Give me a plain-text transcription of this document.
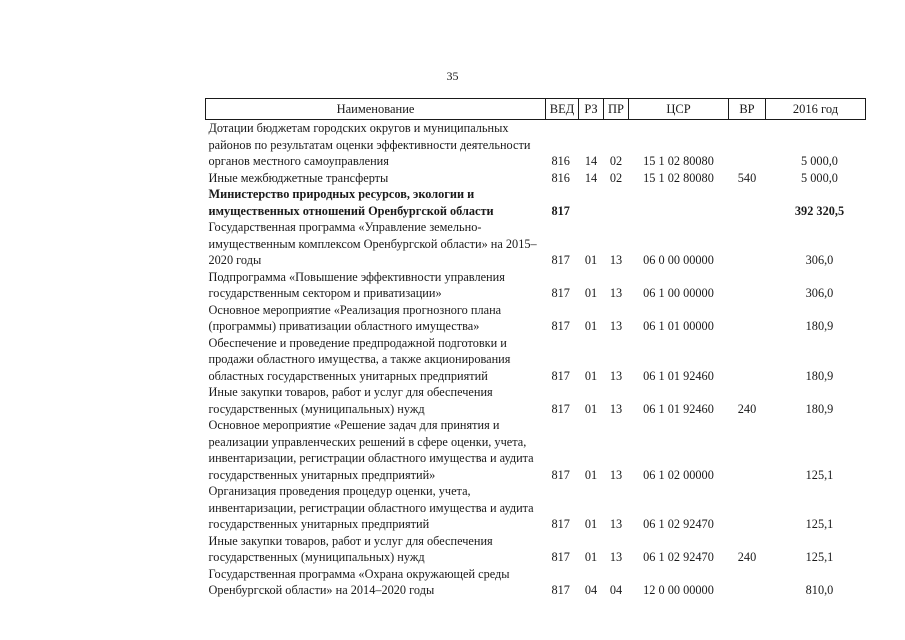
35
Наименование	ВЕД	РЗ	ПР	ЦСР	ВР	2016 год
Дотации бюджетам городских округов и муниципальных районов по результатам оценки эффективности деятельности органов местного самоуправления	816	14	02	15 1 02 80080		5 000,0
Иные межбюджетные трансферты	816	14	02	15 1 02 80080	540	5 000,0
Министерство природных ресурсов, экологии и имущественных отношений Оренбургской области	817					392 320,5
Государственная программа «Управление земельно-имущественным комплексом Оренбургской области» на 2015–2020 годы	817	01	13	06 0 00 00000		306,0
Подпрограмма «Повышение эффективности управления государственным сектором и приватизации»	817	01	13	06 1 00 00000		306,0
Основное мероприятие «Реализация прогнозного плана (программы) приватизации областного имущества»	817	01	13	06 1 01 00000		180,9
Обеспечение и проведение предпродажной подготовки и продажи областного имущества, а также акционирования областных государственных унитарных предприятий	817	01	13	06 1 01 92460		180,9
Иные закупки товаров, работ и услуг для обеспечения государственных (муниципальных) нужд	817	01	13	06 1 01 92460	240	180,9
Основное мероприятие «Решение задач для принятия и реализации управленческих решений в сфере оценки, учета, инвентаризации, регистрации областного имущества и аудита государственных унитарных предприятий»	817	01	13	06 1 02 00000		125,1
Организация проведения процедур оценки, учета, инвентаризации, регистрации областного имущества и аудита государственных унитарных предприятий	817	01	13	06 1 02 92470		125,1
Иные закупки товаров, работ и услуг для обеспечения государственных (муниципальных) нужд	817	01	13	06 1 02 92470	240	125,1
Государственная программа «Охрана окружающей среды Оренбургской области» на 2014–2020 годы	817	04	04	12 0 00 00000		810,0
